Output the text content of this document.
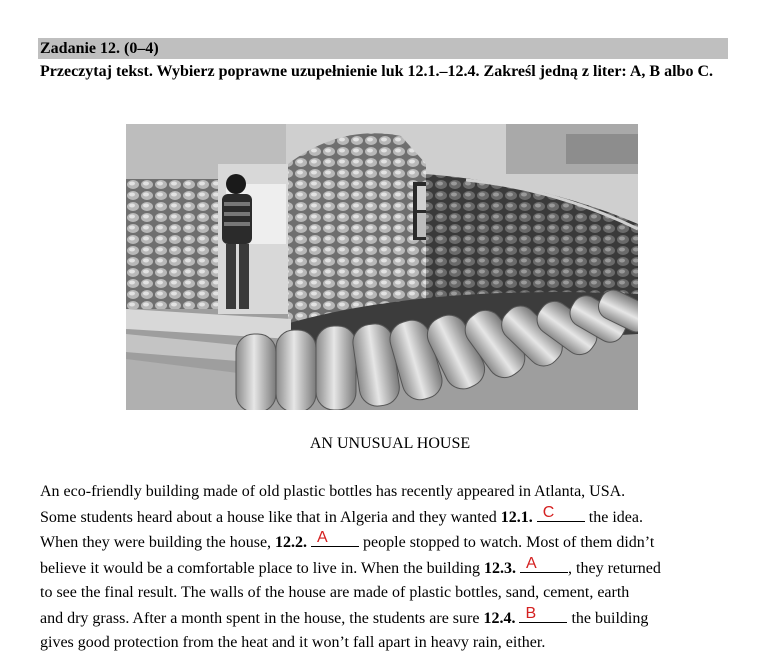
Zadanie 12. (0–4)
Przeczytaj tekst. Wybierz poprawne uzupełnienie luk 12.1.–12.4. Zakreśl jedną z liter: A, B albo C.
AN UNUSUAL HOUSE
An eco-friendly building made of old plastic bottles has recently appeared in Atlanta, USA.
Some students heard about a house like that in Algeria and they wanted 12.1. C the idea.
When they were building the house, 12.2. A people stopped to watch. Most of them didn’t
believe it would be a comfortable place to live in. When the building 12.3. A , they returned
to see the final result. The walls of the house are made of plastic bottles, sand, cement, earth
and dry grass. After a month spent in the house, the students are sure 12.4. B the building
gives good protection from the heat and it won’t fall apart in heavy rain, either.
